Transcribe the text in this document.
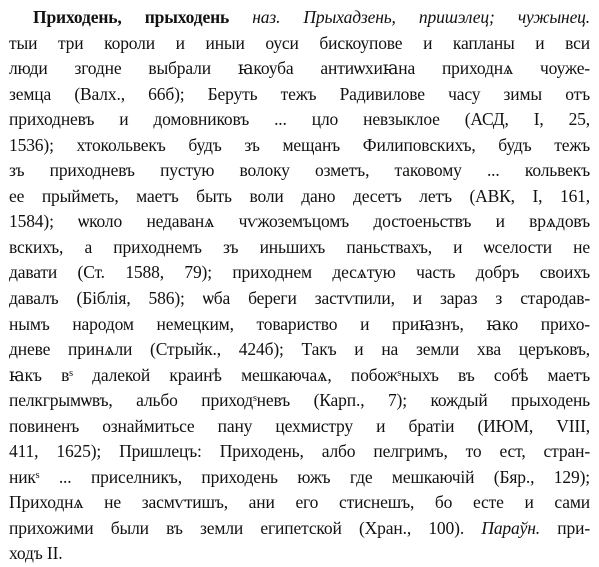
Приходень, прыходень наз. Прыхадзень, пришэлец; чужынец.
тыи три короли и иныи оуси бискоупове и капланы и вси
люди згодне выбрали ꙗкоуба антиѡхиꙗна приходнѧ чоуже-
земца (Валх., 66б); Беруть тежъ Радивилове часу зимы отъ
приходневъ и домовниковъ ... цло невзыклое (АСД, I, 25,
1536); хтокольвекъ будъ зъ мещанъ Филиповскихъ, будъ тежъ
зъ приходневъ пустую волоку озметъ, таковому ... кольвекъ
ее прыйметь, маетъ быть воли дано десетъ летъ (АВК, I, 161,
1584); ѡколо недаванѧ чѵжоземъцомъ достоеньствъ и врѧдовъ
вскихъ, а приходнемъ зъ иньшихъ паньствахъ, и ѡселости не
давати (Ст. 1588, 79); приходнем десѧтую часть добръ своихъ
давалъ (Біблія, 586); ѡба береги застѵпили, и зараз з стародав-
нымъ народом немецким, товариство и приꙗзнъ, ꙗко прихо-
дневе принѧли (Стрыйк., 424б); Такъ и на земли хва церъковъ,
ꙗкъ вˢ далекой краинѣ мешкаючаѧ, побожˢныхъ въ собѣ маетъ
пелкгрымѡвъ, альбо приходˢневъ (Карп., 7); кождый прыходень
повиненъ ознаймитьсе пану цехмистру и братіи (ИЮМ, VIII,
411, 1625); Пришлецъ: Приходень, албо пелгримъ, то ест, стран-
никˢ ... приселникъ, приходень южъ где мешкаючій (Бяр., 129);
Приходнѧ не засмѵтишъ, ани его стиснешъ, бо есте и сами
прихожими были въ земли египетской (Хран., 100). Параўн. при-
ходъ II.
